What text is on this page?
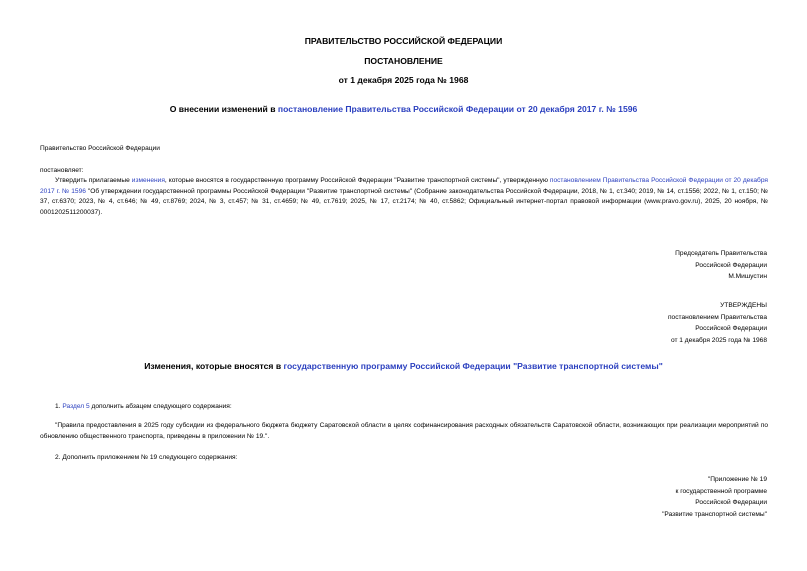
ПРАВИТЕЛЬСТВО РОССИЙСКОЙ ФЕДЕРАЦИИ
ПОСТАНОВЛЕНИЕ
от 1 декабря 2025 года № 1968
О внесении изменений в постановление Правительства Российской Федерации от 20 декабря 2017 г. № 1596
Правительство Российской Федерации
постановляет:
Утвердить прилагаемые изменения, которые вносятся в государственную программу Российской Федерации "Развитие транспортной системы", утвержденную постановлением Правительства Российской Федерации от 20 декабря 2017 г. № 1596 "Об утверждении государственной программы Российской Федерации "Развитие транспортной системы" (Собрание законодательства Российской Федерации, 2018, № 1, ст.340; 2019, № 14, ст.1556; 2022, № 1, ст.150; № 37, ст.6370; 2023, № 4, ст.646; № 49, ст.8769; 2024, № 3, ст.457; № 31, ст.4659; № 49, ст.7619; 2025, № 17, ст.2174; № 40, ст.5862; Официальный интернет-портал правовой информации (www.pravo.gov.ru), 2025, 20 ноября, № 0001202511200037).
Председатель Правительства
Российской Федерации
М.Мишустин
УТВЕРЖДЕНЫ
постановлением Правительства
Российской Федерации
от 1 декабря 2025 года № 1968
Изменения, которые вносятся в государственную программу Российской Федерации "Развитие транспортной системы"
1. Раздел 5 дополнить абзацем следующего содержания:
"Правила предоставления в 2025 году субсидии из федерального бюджета бюджету Саратовской области в целях софинансирования расходных обязательств Саратовской области, возникающих при реализации мероприятий по обновлению общественного транспорта, приведены в приложении № 19.".
2. Дополнить приложением № 19 следующего содержания:
"Приложение № 19
к государственной программе
Российской Федерации
"Развитие транспортной системы"
